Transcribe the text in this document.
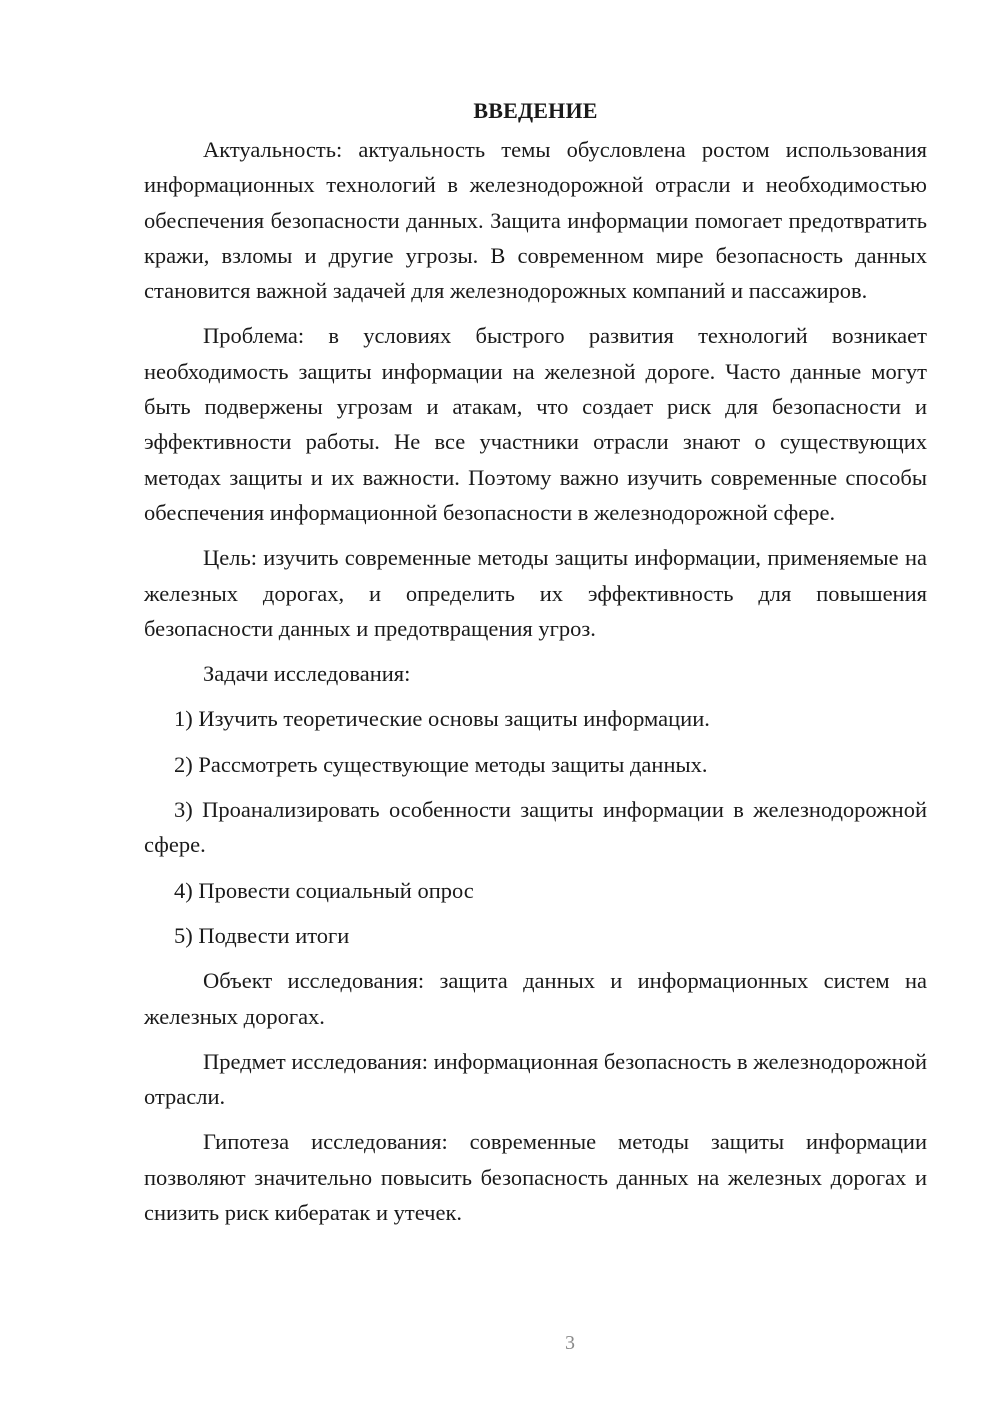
ВВЕДЕНИЕ

Актуальность: актуальность темы обусловлена ростом использования информационных технологий в железнодорожной отрасли и необходимостью обеспечения безопасности данных. Защита информации помогает предотвратить кражи, взломы и другие угрозы. В современном мире безопасность данных становится важной задачей для железнодорожных компаний и пассажиров.

Проблема: в условиях быстрого развития технологий возникает необходимость защиты информации на железной дороге. Часто данные могут быть подвержены угрозам и атакам, что создает риск для безопасности и эффективности работы. Не все участники отрасли знают о существующих методах защиты и их важности. Поэтому важно изучить современные способы обеспечения информационной безопасности в железнодорожной сфере.

Цель: изучить современные методы защиты информации, применяемые на железных дорогах, и определить их эффективность для повышения безопасности данных и предотвращения угроз.

Задачи исследования:

1) Изучить теоретические основы защиты информации.

2) Рассмотреть существующие методы защиты данных.

3) Проанализировать особенности защиты информации в железнодорожной сфере.

4) Провести социальный опрос

5) Подвести итоги

Объект исследования: защита данных и информационных систем на железных дорогах.

Предмет исследования: информационная безопасность в железнодорожной отрасли.

Гипотеза исследования: современные методы защиты информации позволяют значительно повысить безопасность данных на железных дорогах и снизить риск кибератак и утечек.

3
